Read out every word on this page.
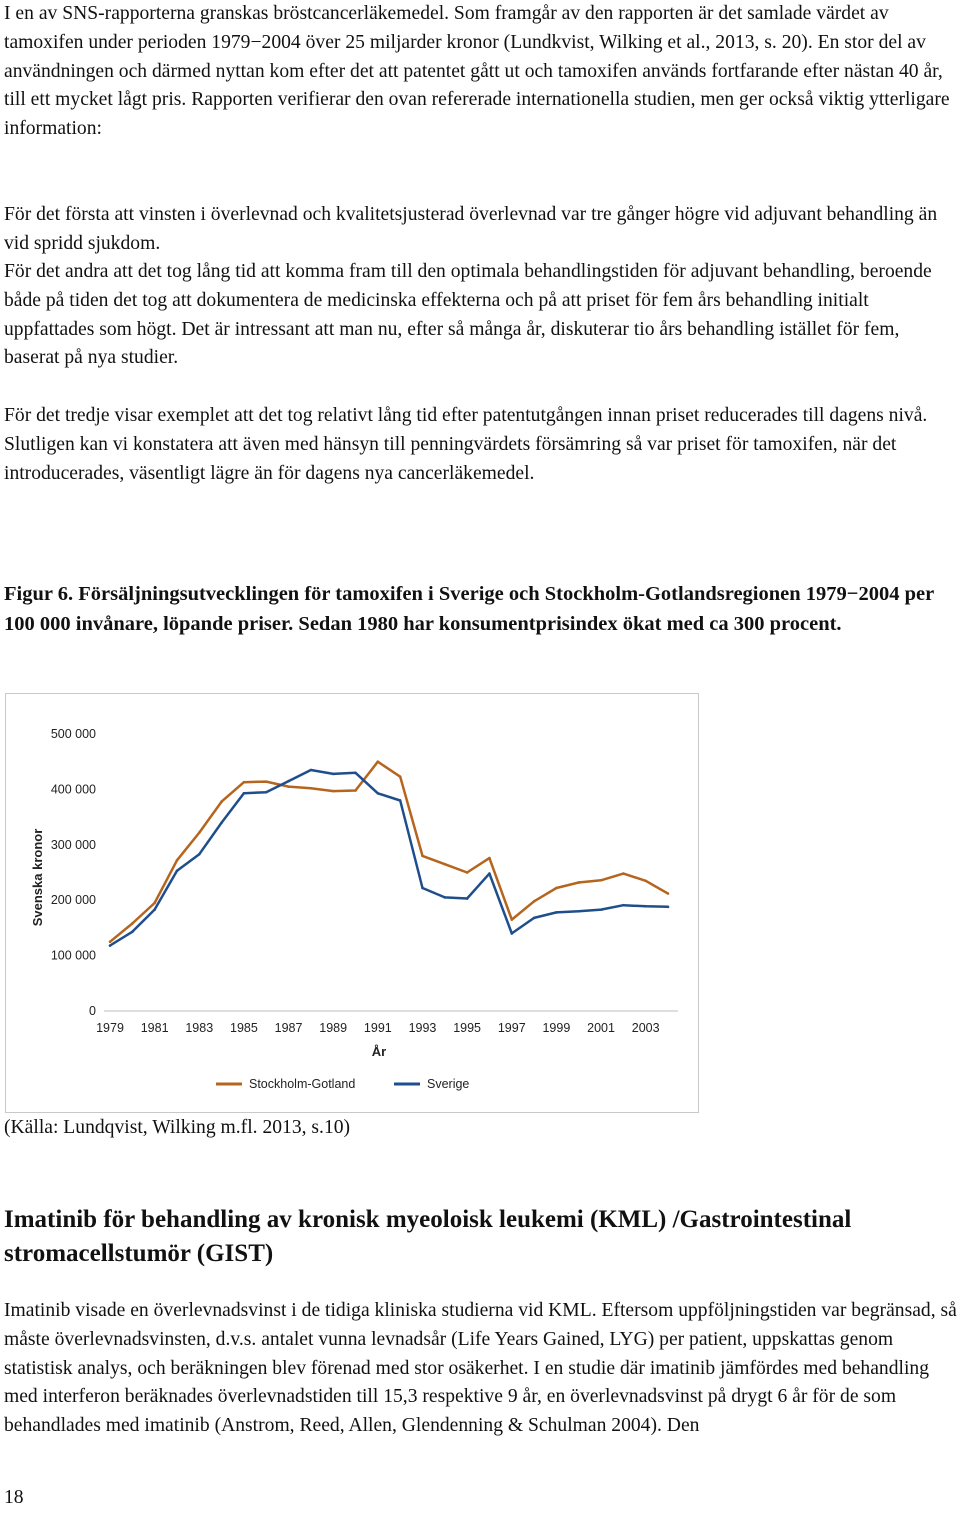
I en av SNS-rapporterna granskas bröstcancerläkemedel. Som framgår av den rapporten är det samlade värdet av tamoxifen under perioden 1979−2004 över 25 miljarder kronor (Lundkvist, Wilking et al., 2013, s. 20). En stor del av användningen och därmed nyttan kom efter det att patentet gått ut och tamoxifen används fortfarande efter nästan 40 år, till ett mycket lågt pris. Rapporten verifierar den ovan refererade internationella studien, men ger också viktig ytterligare information:

För det första att vinsten i överlevnad och kvalitetsjusterad överlevnad var tre gånger högre vid adjuvant behandling än vid spridd sjukdom.

För det andra att det tog lång tid att komma fram till den optimala behandlingstiden för adjuvant behandling, beroende både på tiden det tog att dokumentera de medicinska effekterna och på att priset för fem års behandling initialt uppfattades som högt. Det är intressant att man nu, efter så många år, diskuterar tio års behandling istället för fem, baserat på nya studier.

För det tredje visar exemplet att det tog relativt lång tid efter patentutgången innan priset reducerades till dagens nivå. Slutligen kan vi konstatera att även med hänsyn till penningvärdets försämring så var priset för tamoxifen, när det introducerades, väsentligt lägre än för dagens nya cancerläkemedel.

Figur 6. Försäljningsutvecklingen för tamoxifen i Sverige och Stockholm-Gotlandsregionen 1979−2004 per 100 000 invånare, löpande priser. Sedan 1980 har konsumentprisindex ökat med ca 300 procent.
0
100 000
200 000
300 000
400 000
500 000
1979 1981 1983 1985 1987 1989 1991 1993 1995 1997 1999 2001 2003
År
Svenska kronor
Stockholm-Gotland	Sverige
(Källa: Lundqvist, Wilking m.fl. 2013, s.10)
Imatinib för behandling av kronisk myeoloisk leukemi (KML) /Gastrointestinal stromacellstumör (GIST)

Imatinib visade en överlevnadsvinst i de tidiga kliniska studierna vid KML. Eftersom uppföljningstiden var begränsad, så måste överlevnadsvinsten, d.v.s. antalet vunna levnadsår (Life Years Gained, LYG) per patient, uppskattas genom statistisk analys, och beräkningen blev förenad med stor osäkerhet. I en studie där imatinib jämfördes med behandling med interferon beräknades överlevnadstiden till 15,3 respektive 9 år, en överlevnadsvinst på drygt 6 år för de som behandlades med imatinib (Anstrom, Reed, Allen, Glendenning & Schulman 2004). Den

18
